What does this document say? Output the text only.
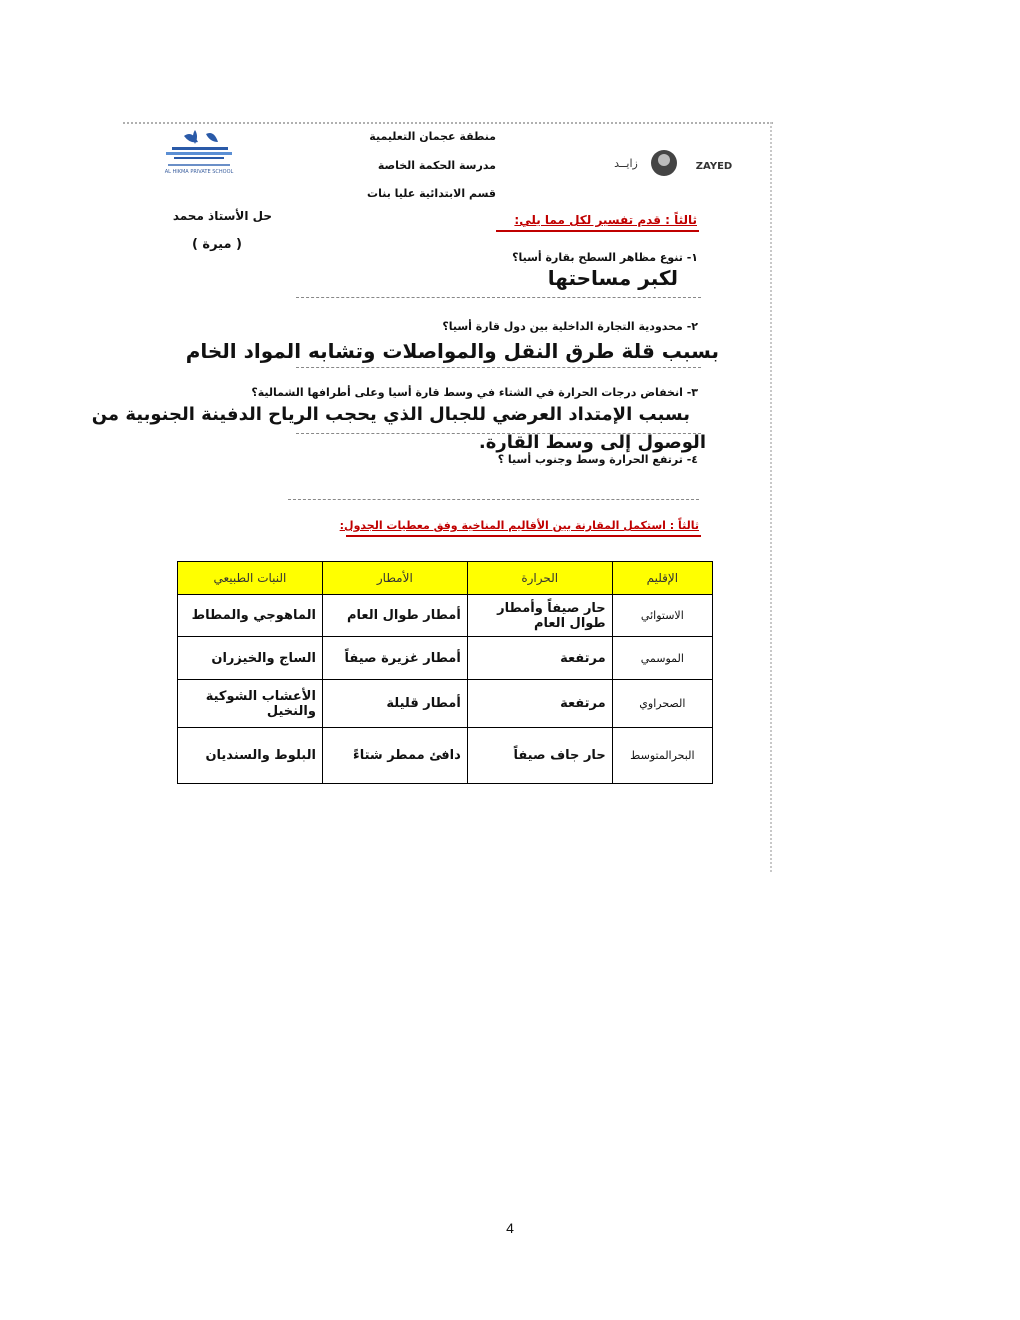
AL HIKMA PRIVATE SCHOOL	ZAYED
زايــد
منطقة عجمان التعليمية
مدرسة الحكمة الخاصة
قسم الابتدائية عليا بنات
حل الأستاذ محمد
( ميرة )
ثالثاً : قدم تفسير لكل مما يلي:
١- تنوع مظاهر السطح بقارة أسيا؟
لكبر مساحتها
٢- محدودية التجارة الداخلية بين دول قارة أسيا؟
بسبب قلة طرق النقل والمواصلات وتشابه المواد الخام
٣- انخفاض درجات الحرارة في الشتاء في وسط قارة أسيا وعلى أطرافها الشمالية؟
بسبب الإمتداد العرضي للجبال الذي يحجب الرياح الدفينة الجنوبية من
الوصول إلى وسط القارة.
٤- ترتفع الحرارة وسط وجنوب أسيا ؟
ثالثاً : استكمل المقارنة بين الأقاليم المناخية وفق معطيات الجدول:
الإقليم	الحرارة	الأمطار	النبات الطبيعي
الاستوائي	حار صيفاً وأمطار طوال العام	أمطار طوال العام	الماهوجي والمطاط
الموسمي	مرتفعة	أمطار غزيرة صيفاً	الساج والخيزران
الصحراوي	مرتفعة	أمطار قليلة	الأعشاب الشوكية والنخيل
البحرالمتوسط	حار جاف صيفاً	دافئ ممطر شتاءً	البلوط والسنديان
4
